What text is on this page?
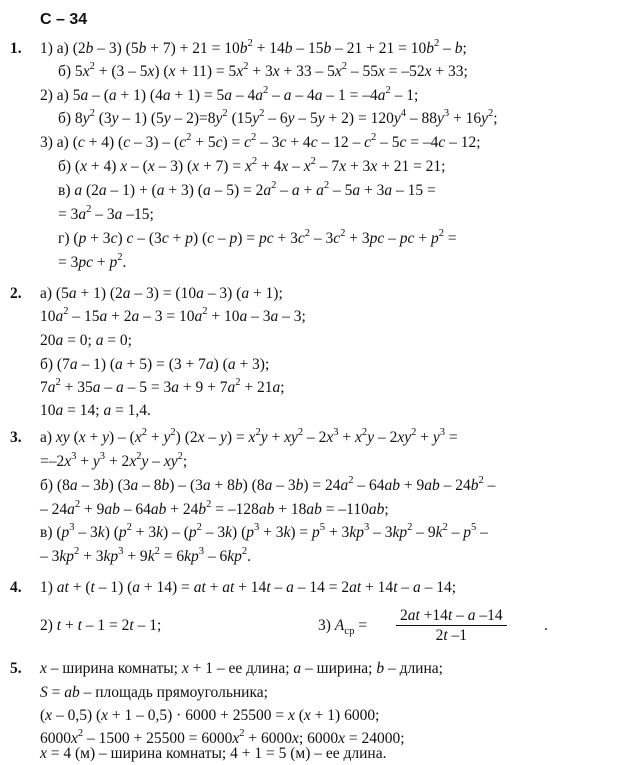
С – 34
1. 1) а) (2b – 3) $(5b + 7) + 21 = 10b^2 + 14b - 15b - 21 + 21 = 10b^2 - b$;
б) $5x^2 + (3 - 5x) (x + 11) = 5x^2 + 3x + 33 - 5x^2 - 55x = -52x + 33$;
2) а) 5a – (a + 1) $(4a + 1) = 5a - 4a^2 - a - 4a - 1 = -4a^2 - 1$;
б) $8y^2$ (3y – 1) $(5y - 2)=8y^2$ $(15y^2 - 6y - 5y + 2) = 120y^4 - 88y^3 + 16y^2$;
3) а) (c + 4) $(c - 3) - (c^2 + 5c) = c^2 - 3c + 4c - 12 - c^2 - 5c = -4c - 12$;
б) (x + 4) x – (x – 3) $(x + 7) = x^2 + 4x - x^2 - 7x + 3x + 21 = 21$;
в) a (2a – 1) + (a + 3) $(a - 5) = 2a^2 - a + a^2 - 5a + 3a - 15$ =
= $3a^2 - 3a$ –15;
г) (p + 3c) c – (3c + p) (c – p) = pc + $3c^2 - 3c^2 + 3pc$ – pc + $p^2$ =
= $3pc + p^2$.
2. а) (5a + 1) (2a – 3) = (10a – 3) (a + 1);
$10a^2 - 15a + 2a - 3 = 10a^2 + 10a - 3a - 3$;
20a = 0; a = 0;
б) (7a – 1) (a + 5) = (3 + 7a) (a + 3);
$7a^2 + 35a - a - 5 = 3a + 9 + 7a^2 + 21a$;
10a = 14; a = 1,4.
3. а) xy $(x + y) - (x^2 + y^2)$ $(2x - y) = x^2y + xy^2 - 2x^3 + x^2y - 2xy^2 + y^3$ =
$=-2x^3 + y^3 + 2x^2y - xy^2$;
б) (8a – 3b) (3a – 8b) – (3a + 8b) $(8a - 3b) = 24a^2 - 64ab + 9ab - 24b^2$ –
– $24a^2 + 9ab - 64ab + 24b^2 = -128ab + 18ab = -110ab$;
в) $(p^3 - 3k) (p^2 + 3k) - (p^2 - 3k) (p^3 + 3k) = p^5 + 3kp^3 - 3kp^2 - 9k^2 - p^5$ –
– $3kp^2 + 3kp^3 + 9k^2 = 6kp^3 - 6kp^2$.
4. 1) at + (t – 1) (a + 14) = at + at + 14t – a – 14 = 2at + 14t – a – 14;
2) t + t – 1 = 2t – 1;	3) $A_{ср} = \frac{2at +14t - a -14}{2t -1}$ .
5. x – ширина комнаты; x + 1 – ее длина; a – ширина; b – длина;
S = ab – площадь прямоугольника;
(x – 0,5) (x + 1 – 0,5) · 6000 + 25500 = x (x + 1) 6000;
$6000x^2 - 1500 + 25500 = 6000x^2 + 6000x$; 6000x = 24000;
x = 4 (м) – ширина комнаты; 4 + 1 = 5 (м) – ее длина.
